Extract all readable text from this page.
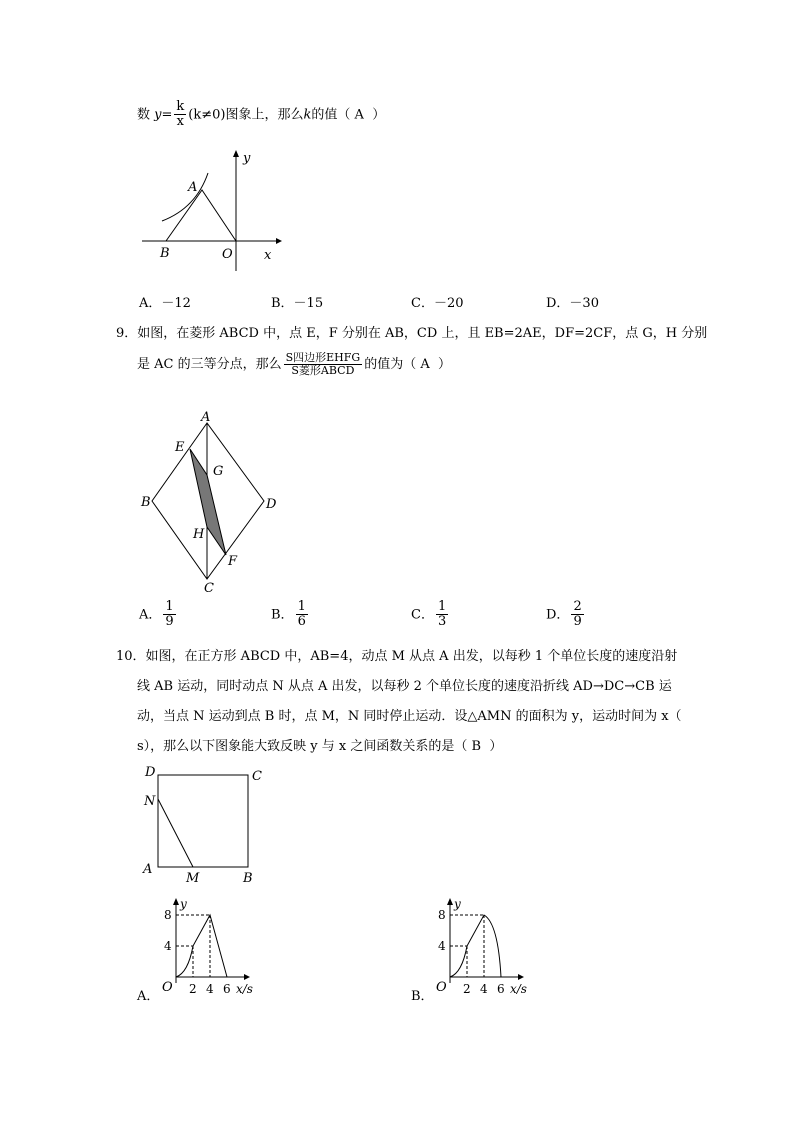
数 $y= \frac{k}{x} (k\ne 0)$图象上，那么k的值（ A ）
A
B	O x
y
A．－12	B．－15	C．－20	D．－30
9．如图，在菱形 ABCD 中，点 E，F 分别在 AB，CD 上，且 EB=2AE，DF=2CF，点 G，H 分别
是 AC 的三等分点，那么 $\frac{\text{S四边形EHFG}}{\text{S菱形ABCD}}$ 的值为（ A ）
A
B
C
D
E
F
G
H
A． $\frac{1}{9}$	B． $\frac{1}{6}$	C． $\frac{1}{3}$	D． $\frac{2}{9}$
10．如图，在正方形 ABCD 中，AB=4，动点 M 从点 A 出发，以每秒 1 个单位长度的速度沿射
线 AB 运动，同时动点 N 从点 A 出发，以每秒 2 个单位长度的速度沿折线 AD→DC→CB 运
动，当点 N 运动到点 B 时，点 M，N 同时停止运动．设△AMN 的面积为 y，运动时间为 x（
s），那么以下图象能大致反映 y 与 x 之间函数关系的是（ B ）
D	C
N
A
M	B
A．
y
8
4
O 2 4 6 x/s	B．
y
8
4
O 2 4 6 x/s
